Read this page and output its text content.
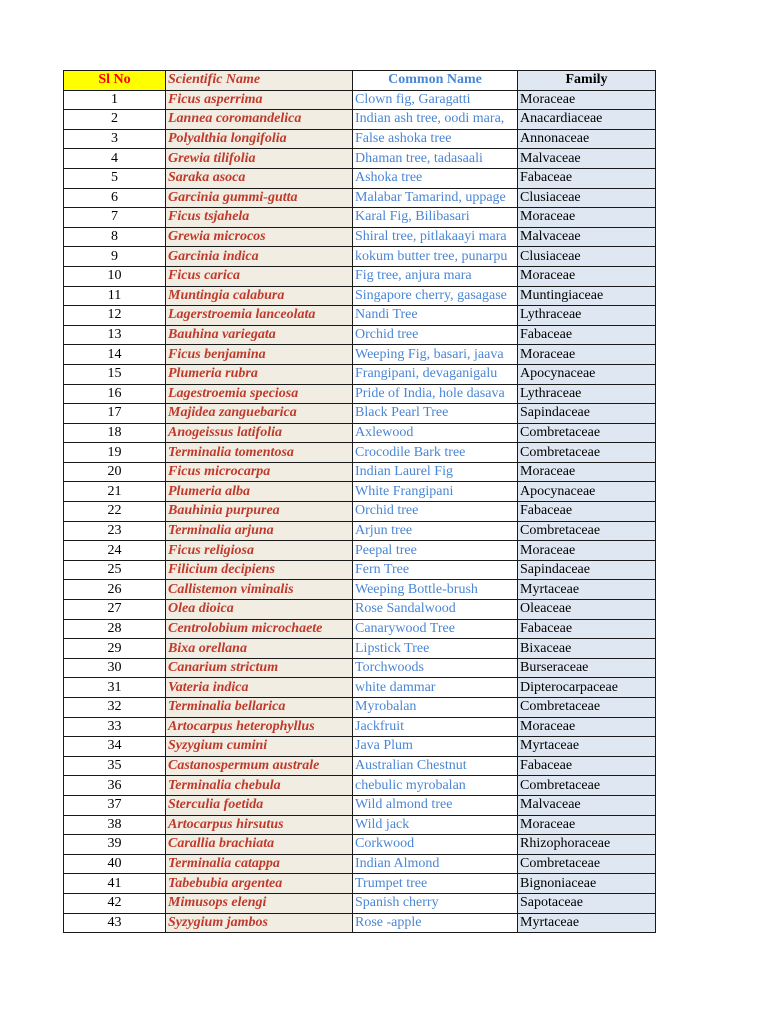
Sl No	Scientific Name	Common Name	Family
1	Ficus asperrima	Clown fig, Garagatti	Moraceae
2	Lannea coromandelica	Indian ash tree, oodi mara,	Anacardiaceae
3	Polyalthia longifolia	False ashoka tree	Annonaceae
4	Grewia tilifolia	Dhaman tree, tadasaali	Malvaceae
5	Saraka asoca	Ashoka tree	Fabaceae
6	Garcinia gummi-gutta	Malabar Tamarind, uppage	Clusiaceae
7	Ficus tsjahela	Karal Fig, Bilibasari	Moraceae
8	Grewia microcos	Shiral tree, pitlakaayi mara	Malvaceae
9	Garcinia indica	kokum butter tree, punarpu	Clusiaceae
10	Ficus carica	Fig tree, anjura mara	Moraceae
11	Muntingia calabura	Singapore cherry, gasagase	Muntingiaceae
12	Lagerstroemia lanceolata	Nandi Tree	Lythraceae
13	Bauhina variegata	Orchid tree	Fabaceae
14	Ficus benjamina	Weeping Fig, basari, jaava	Moraceae
15	Plumeria rubra	Frangipani, devaganigalu	Apocynaceae
16	Lagestroemia speciosa	Pride of India, hole dasava	Lythraceae
17	Majidea zanguebarica	Black Pearl Tree	Sapindaceae
18	Anogeissus latifolia	Axlewood	Combretaceae
19	Terminalia tomentosa	Crocodile Bark tree	Combretaceae
20	Ficus microcarpa	Indian Laurel Fig	Moraceae
21	Plumeria alba	White Frangipani	Apocynaceae
22	Bauhinia purpurea	Orchid tree	Fabaceae
23	Terminalia arjuna	Arjun tree	Combretaceae
24	Ficus religiosa	Peepal tree	Moraceae
25	Filicium decipiens	Fern Tree	Sapindaceae
26	Callistemon viminalis	Weeping Bottle-brush	Myrtaceae
27	Olea dioica	Rose Sandalwood	Oleaceae
28	Centrolobium microchaete	Canarywood Tree	Fabaceae
29	Bixa orellana	Lipstick Tree	Bixaceae
30	Canarium strictum	Torchwoods	Burseraceae
31	Vateria indica	white dammar	Dipterocarpaceae
32	Terminalia bellarica	Myrobalan	Combretaceae
33	Artocarpus heterophyllus	Jackfruit	Moraceae
34	Syzygium cumini	Java Plum	Myrtaceae
35	Castanospermum australe	Australian Chestnut	Fabaceae
36	Terminalia chebula	chebulic myrobalan	Combretaceae
37	Sterculia foetida	Wild almond tree	Malvaceae
38	Artocarpus hirsutus	Wild jack	Moraceae
39	Carallia brachiata	Corkwood	Rhizophoraceae
40	Terminalia catappa	Indian Almond	Combretaceae
41	Tabebubia argentea	Trumpet tree	Bignoniaceae
42	Mimusops elengi	Spanish cherry	Sapotaceae
43	Syzygium jambos	Rose -apple	Myrtaceae
